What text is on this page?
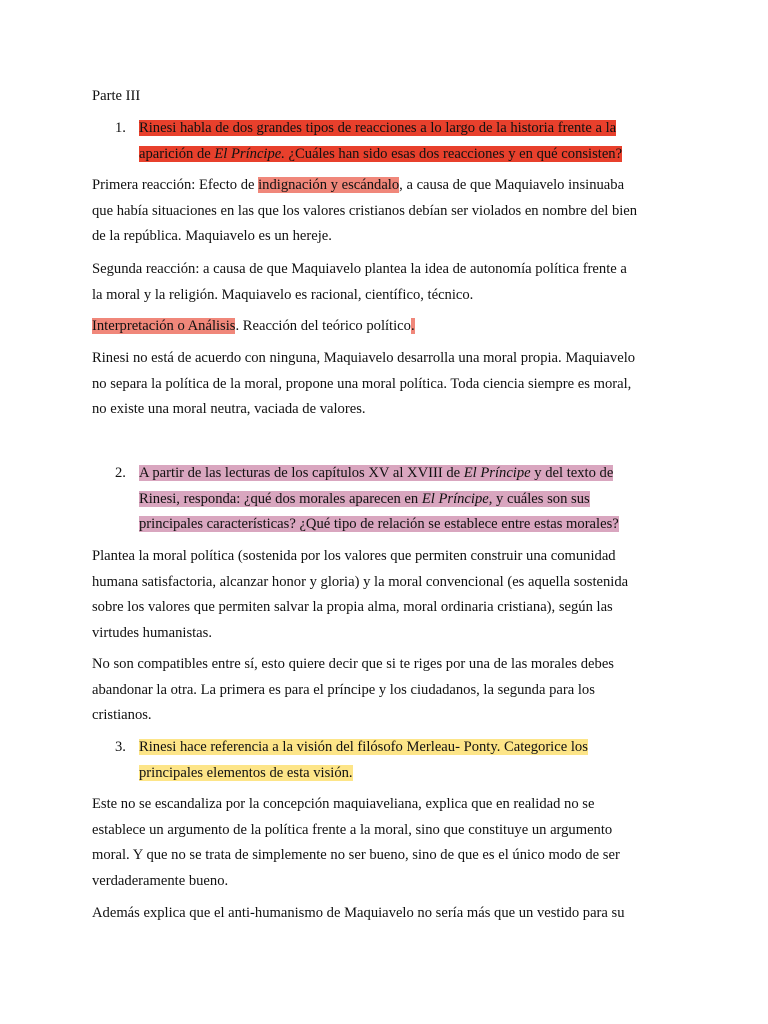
Parte III
1. Rinesi habla de dos grandes tipos de reacciones a lo largo de la historia frente a la
aparición de El Príncipe. ¿Cuáles han sido esas dos reacciones y en qué consisten?
Primera reacción: Efecto de indignación y escándalo, a causa de que Maquiavelo insinuaba
que había situaciones en las que los valores cristianos debían ser violados en nombre del bien
de la república. Maquiavelo es un hereje.
Segunda reacción: a causa de que Maquiavelo plantea la idea de autonomía política frente a
la moral y la religión. Maquiavelo es racional, científico, técnico.
Interpretación o Análisis. Reacción del teórico político.
Rinesi no está de acuerdo con ninguna, Maquiavelo desarrolla una moral propia. Maquiavelo
no separa la política de la moral, propone una moral política. Toda ciencia siempre es moral,
no existe una moral neutra, vaciada de valores.
2. A partir de las lecturas de los capítulos XV al XVIII de El Príncipe y del texto de
Rinesi, responda: ¿qué dos morales aparecen en El Príncipe, y cuáles son sus
principales características? ¿Qué tipo de relación se establece entre estas morales?
Plantea la moral política (sostenida por los valores que permiten construir una comunidad
humana satisfactoria, alcanzar honor y gloria) y la moral convencional (es aquella sostenida
sobre los valores que permiten salvar la propia alma, moral ordinaria cristiana), según las
virtudes humanistas.
No son compatibles entre sí, esto quiere decir que si te riges por una de las morales debes
abandonar la otra. La primera es para el príncipe y los ciudadanos, la segunda para los
cristianos.
3. Rinesi hace referencia a la visión del filósofo Merleau- Ponty. Categorice los
principales elementos de esta visión.
Este no se escandaliza por la concepción maquiaveliana, explica que en realidad no se
establece un argumento de la política frente a la moral, sino que constituye un argumento
moral. Y que no se trata de simplemente no ser bueno, sino de que es el único modo de ser
verdaderamente bueno.
Además explica que el anti-humanismo de Maquiavelo no sería más que un vestido para su
